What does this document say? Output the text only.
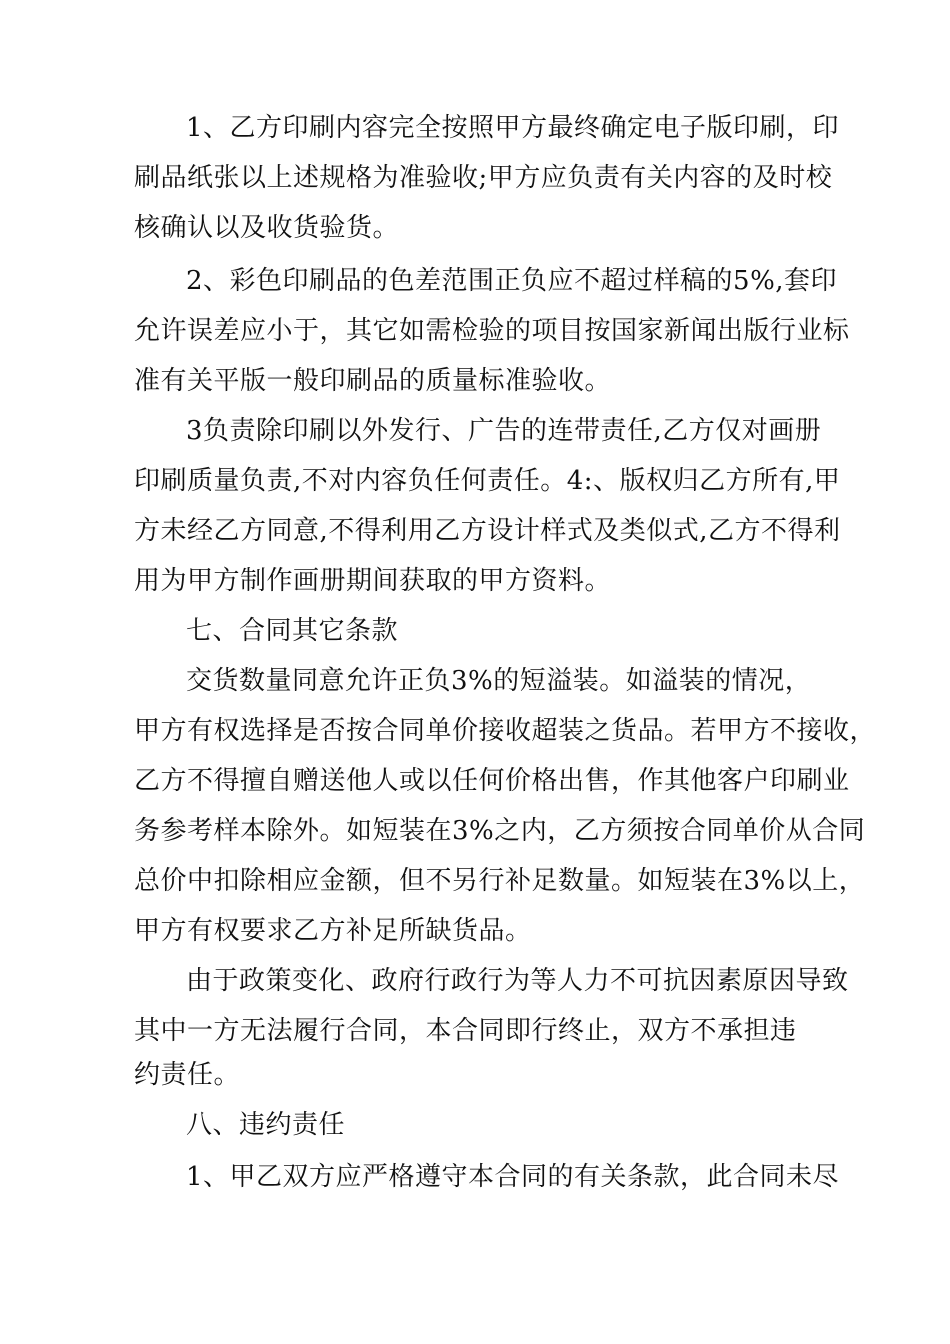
1、乙方印刷内容完全按照甲方最终确定电子版印刷，印
刷品纸张以上述规格为准验收;甲方应负责有关内容的及时校
核确认以及收货验货。
2、彩色印刷品的色差范围正负应不超过样稿的5%,套印
允许误差应小于，其它如需检验的项目按国家新闻出版行业标
准有关平版一般印刷品的质量标准验收。
3负责除印刷以外发行、广告的连带责任,乙方仅对画册
印刷质量负责,不对内容负任何责任。4:、版权归乙方所有,甲
方未经乙方同意,不得利用乙方设计样式及类似式,乙方不得利
用为甲方制作画册期间获取的甲方资料。
七、合同其它条款
交货数量同意允许正负3%的短溢装。如溢装的情况，
甲方有权选择是否按合同单价接收超装之货品。若甲方不接收，
乙方不得擅自赠送他人或以任何价格出售，作其他客户印刷业
务参考样本除外。如短装在3%之内，乙方须按合同单价从合同
总价中扣除相应金额，但不另行补足数量。如短装在3%以上，
甲方有权要求乙方补足所缺货品。
由于政策变化、政府行政行为等人力不可抗因素原因导致
其中一方无法履行合同，本合同即行终止，双方不承担违
约责任。
八、违约责任
1、甲乙双方应严格遵守本合同的有关条款，此合同未尽
